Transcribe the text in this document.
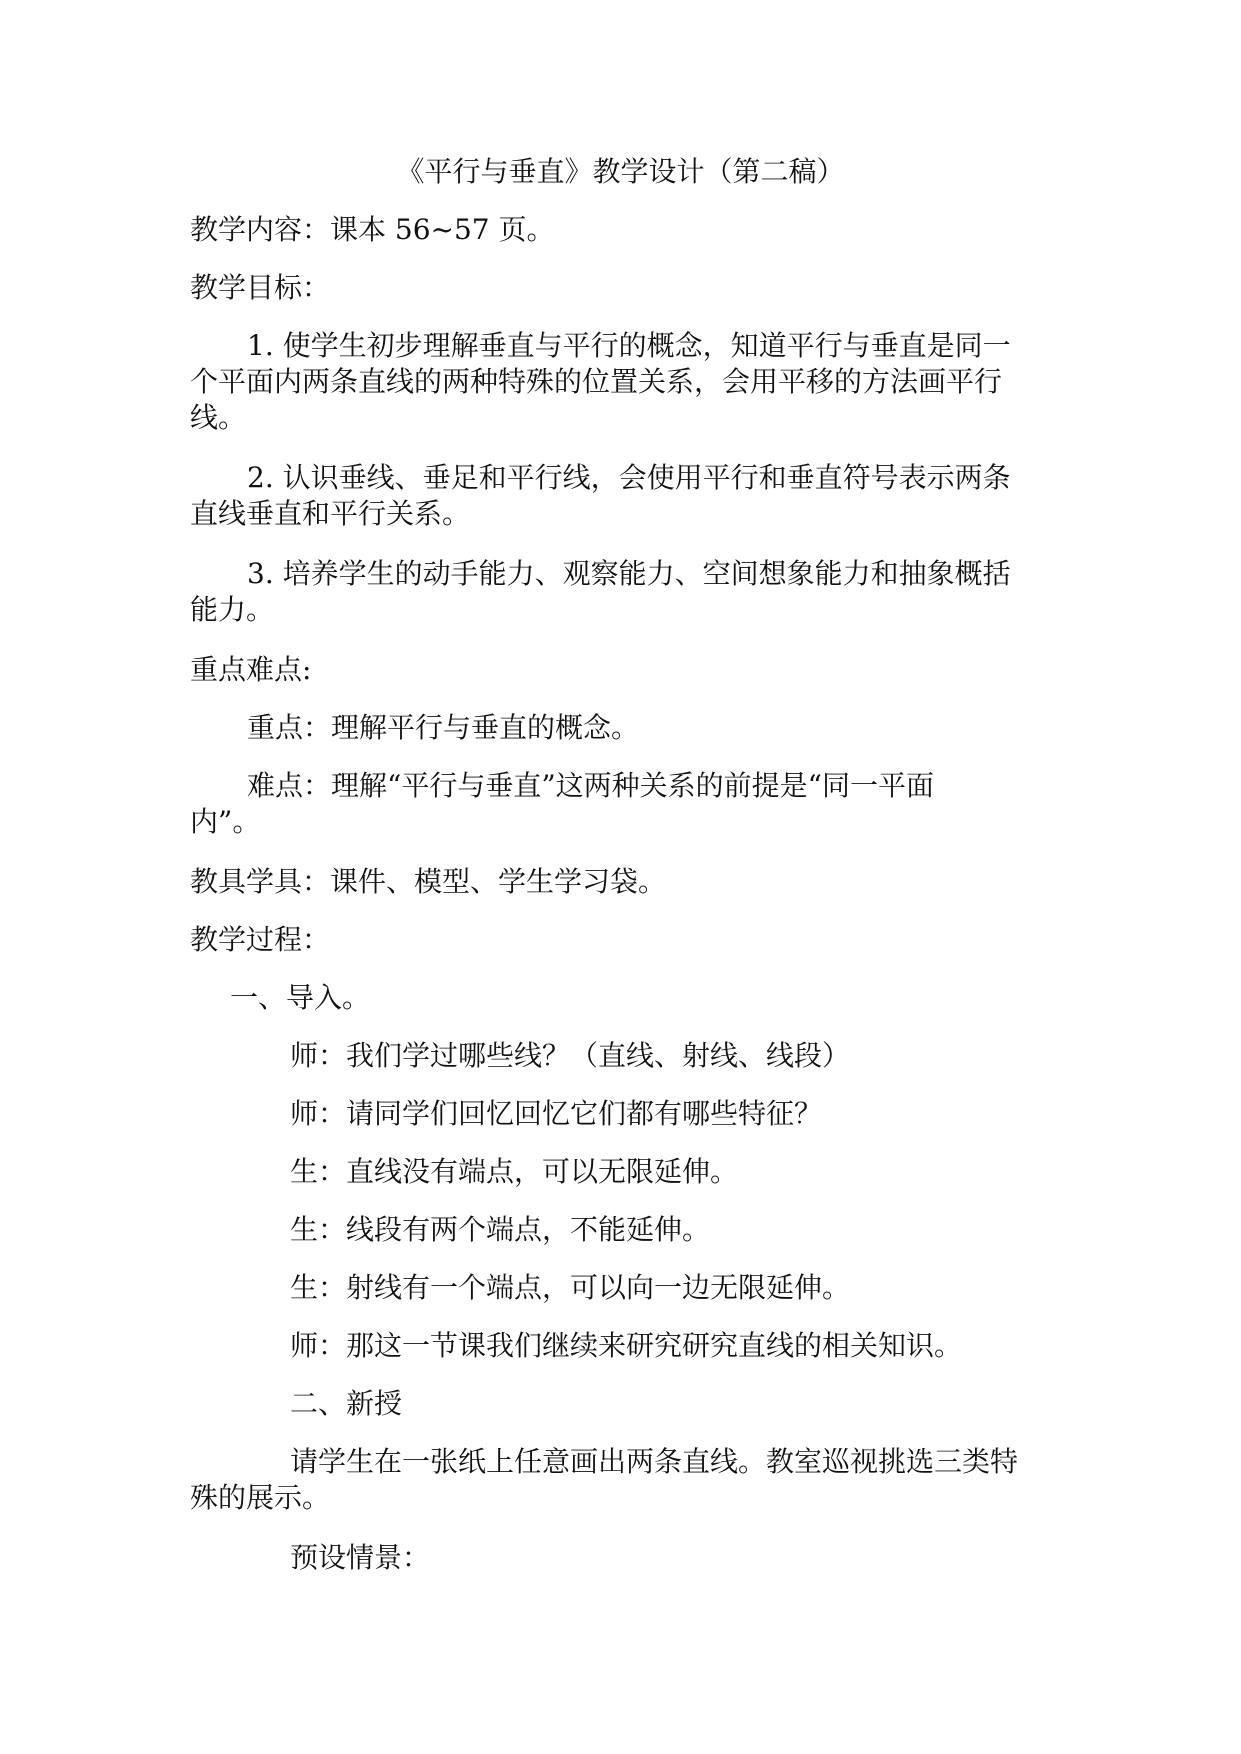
《平行与垂直》教学设计（第二稿）

教学内容：课本 56~57 页。

教学目标：

1. 使学生初步理解垂直与平行的概念，知道平行与垂直是同一

个平面内两条直线的两种特殊的位置关系，会用平移的方法画平行

线。

2. 认识垂线、垂足和平行线，会使用平行和垂直符号表示两条

直线垂直和平行关系。

3. 培养学生的动手能力、观察能力、空间想象能力和抽象概括

能力。

重点难点:

重点：理解平行与垂直的概念。

难点：理解“平行与垂直”这两种关系的前提是“同一平面

内”。

教具学具：课件、模型、学生学习袋。

教学过程：

一、导入。

师：我们学过哪些线？（直线、射线、线段）

师：请同学们回忆回忆它们都有哪些特征？

生：直线没有端点，可以无限延伸。

生：线段有两个端点，不能延伸。

生：射线有一个端点，可以向一边无限延伸。

师：那这一节课我们继续来研究研究直线的相关知识。

二、新授

请学生在一张纸上任意画出两条直线。教室巡视挑选三类特

殊的展示。

预设情景：
